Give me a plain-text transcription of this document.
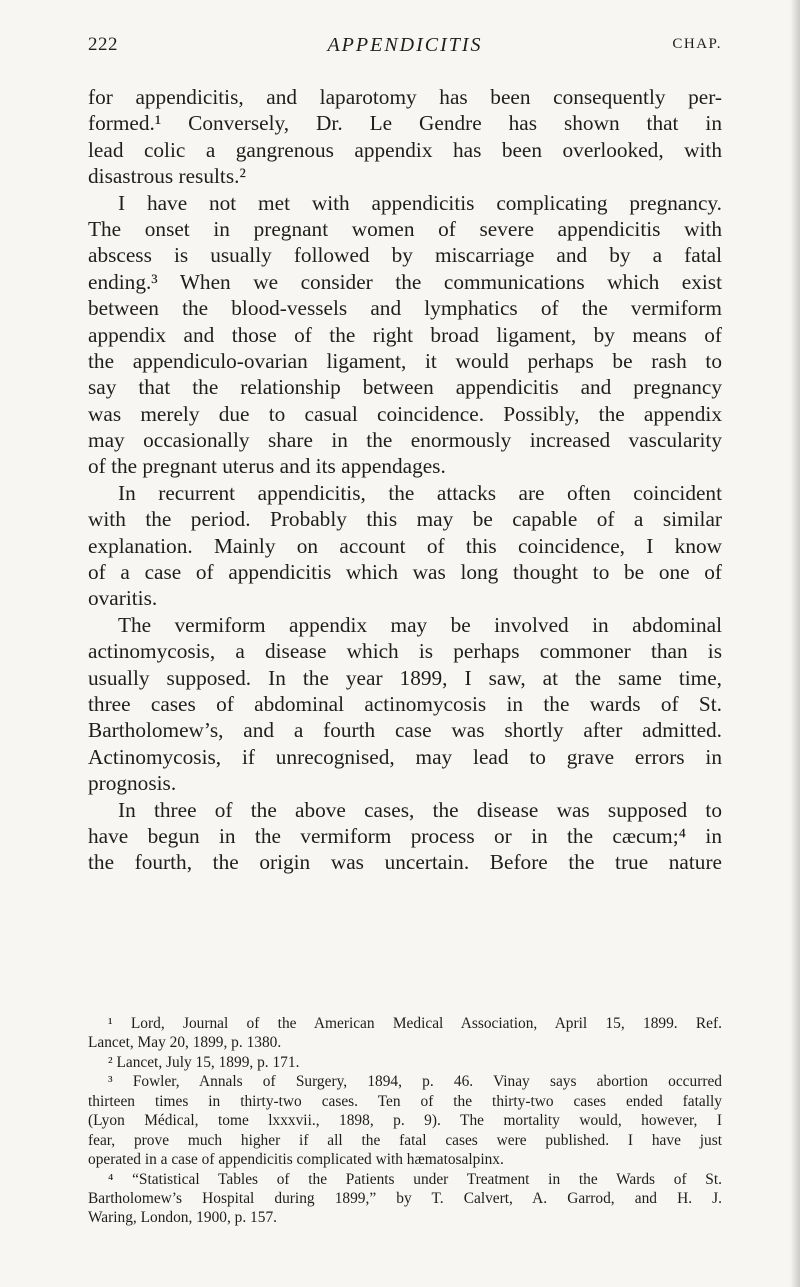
222	APPENDICITIS	CHAP.
for appendicitis, and laparotomy has been consequently per-
formed.¹ Conversely, Dr. Le Gendre has shown that in
lead colic a gangrenous appendix has been overlooked, with
disastrous results.²
I have not met with appendicitis complicating pregnancy.
The onset in pregnant women of severe appendicitis with
abscess is usually followed by miscarriage and by a fatal
ending.³ When we consider the communications which exist
between the blood-vessels and lymphatics of the vermiform
appendix and those of the right broad ligament, by means of
the appendiculo-ovarian ligament, it would perhaps be rash to
say that the relationship between appendicitis and pregnancy
was merely due to casual coincidence. Possibly, the appendix
may occasionally share in the enormously increased vascularity
of the pregnant uterus and its appendages.
In recurrent appendicitis, the attacks are often coincident
with the period. Probably this may be capable of a similar
explanation. Mainly on account of this coincidence, I know
of a case of appendicitis which was long thought to be one of
ovaritis.
The vermiform appendix may be involved in abdominal
actinomycosis, a disease which is perhaps commoner than is
usually supposed. In the year 1899, I saw, at the same time,
three cases of abdominal actinomycosis in the wards of St.
Bartholomew’s, and a fourth case was shortly after admitted.
Actinomycosis, if unrecognised, may lead to grave errors in
prognosis.
In three of the above cases, the disease was supposed to
have begun in the vermiform process or in the cæcum;⁴ in
the fourth, the origin was uncertain. Before the true nature
¹ Lord, Journal of the American Medical Association, April 15, 1899. Ref.
Lancet, May 20, 1899, p. 1380.
² Lancet, July 15, 1899, p. 171.
³ Fowler, Annals of Surgery, 1894, p. 46. Vinay says abortion occurred
thirteen times in thirty-two cases. Ten of the thirty-two cases ended fatally
(Lyon Médical, tome lxxxvii., 1898, p. 9). The mortality would, however, I
fear, prove much higher if all the fatal cases were published. I have just
operated in a case of appendicitis complicated with hæmatosalpinx.
⁴ “Statistical Tables of the Patients under Treatment in the Wards of St.
Bartholomew’s Hospital during 1899,” by T. Calvert, A. Garrod, and H. J.
Waring, London, 1900, p. 157.
